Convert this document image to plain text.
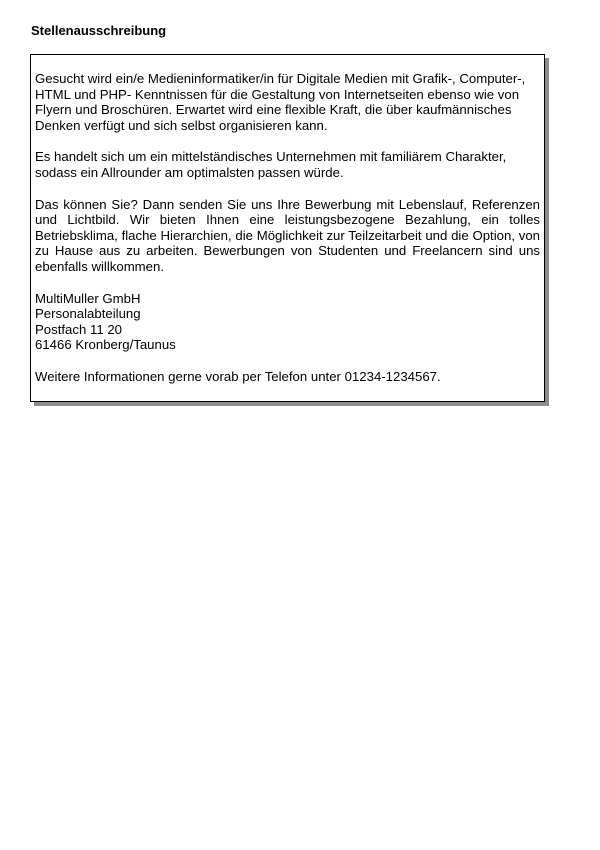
Stellenausschreibung

Gesucht wird ein/e Medieninformatiker/in für Digitale Medien mit Grafik-, Computer-, HTML und PHP- Kenntnissen für die Gestaltung von Internetseiten ebenso wie von Flyern und Broschüren. Erwartet wird eine flexible Kraft, die über kaufmännisches Denken verfügt und sich selbst organisieren kann.

Es handelt sich um ein mittelständisches Unternehmen mit familiärem Charakter, sodass ein Allrounder am optimalsten passen würde.

Das können Sie? Dann senden Sie uns Ihre Bewerbung mit Lebenslauf, Referenzen und Lichtbild. Wir bieten Ihnen eine leistungsbezogene Bezahlung, ein tolles Betriebsklima, flache Hierarchien, die Möglichkeit zur Teilzeitarbeit und die Option, von zu Hause aus zu arbeiten. Bewerbungen von Studenten und Freelancern sind uns ebenfalls willkommen.

MultiMuller GmbH
Personalabteilung
Postfach 11 20
61466 Kronberg/Taunus

Weitere Informationen gerne vorab per Telefon unter 01234-1234567.
